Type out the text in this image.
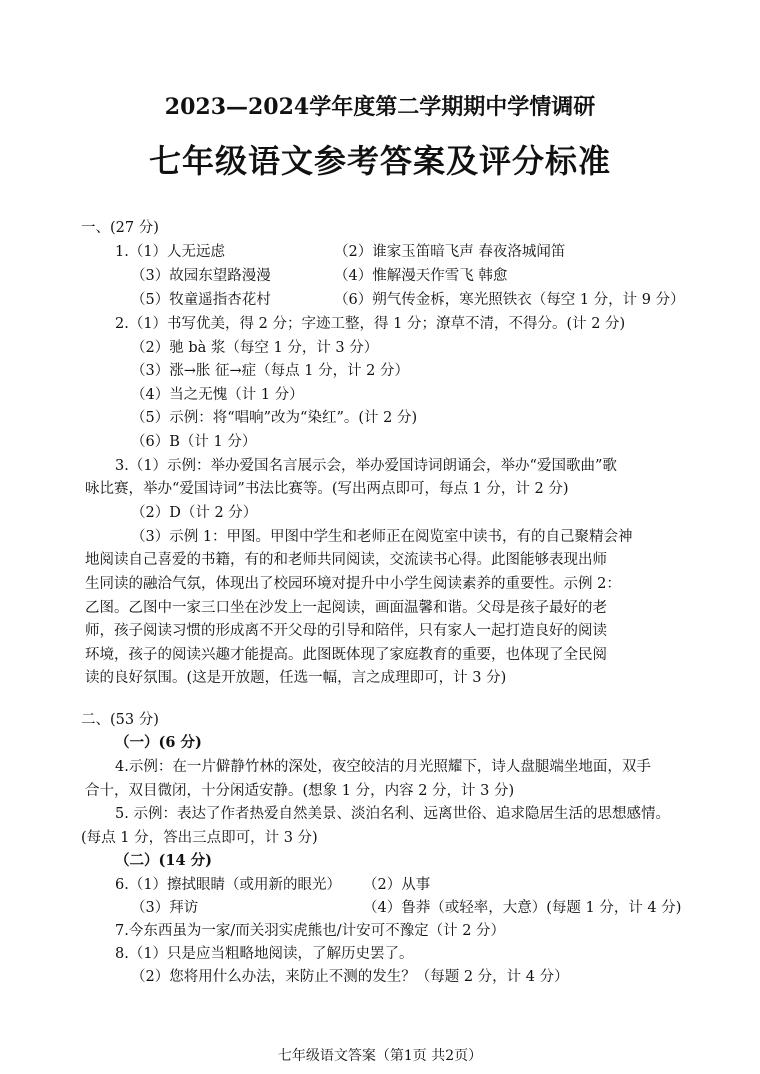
2023—2024学年度第二学期期中学情调研
七年级语文参考答案及评分标准
一、(27 分)
1.（1）人无远虑	（2）谁家玉笛暗飞声 春夜洛城闻笛
（3）故园东望路漫漫	（4）惟解漫天作雪飞 韩愈
（5）牧童遥指杏花村	（6）朔气传金柝，寒光照铁衣（每空 1 分，计 9 分）
2.（1）书写优美，得 2 分；字迹工整，得 1 分；潦草不清，不得分。(计 2 分)
（2）驰 bà 浆（每空 1 分，计 3 分）
（3）涨→胀 征→症（每点 1 分，计 2 分）
（4）当之无愧（计 1 分）
（5）示例：将“唱响”改为“染红”。(计 2 分)
（6）B（计 1 分）
3.（1）示例：举办爱国名言展示会，举办爱国诗词朗诵会，举办“爱国歌曲”歌
咏比赛，举办“爱国诗词”书法比赛等。(写出两点即可，每点 1 分，计 2 分)
（2）D（计 2 分）
（3）示例 1：甲图。甲图中学生和老师正在阅览室中读书，有的自己聚精会神
地阅读自己喜爱的书籍，有的和老师共同阅读，交流读书心得。此图能够表现出师
生同读的融洽气氛，体现出了校园环境对提升中小学生阅读素养的重要性。示例 2：
乙图。乙图中一家三口坐在沙发上一起阅读，画面温馨和谐。父母是孩子最好的老
师，孩子阅读习惯的形成离不开父母的引导和陪伴，只有家人一起打造良好的阅读
环境，孩子的阅读兴趣才能提高。此图既体现了家庭教育的重要，也体现了全民阅
读的良好氛围。(这是开放题，任选一幅，言之成理即可，计 3 分)
二、(53 分)
（一）(6 分)
4.示例：在一片僻静竹林的深处，夜空皎洁的月光照耀下，诗人盘腿端坐地面，双手
合十，双目微闭，十分闲适安静。(想象 1 分，内容 2 分，计 3 分)
5. 示例：表达了作者热爱自然美景、淡泊名利、远离世俗、追求隐居生活的思想感情。
(每点 1 分，答出三点即可，计 3 分)
（二）(14 分)
6.（1）擦拭眼睛（或用新的眼光） （2）从事
（3）拜访	（4）鲁莽（或轻率，大意）(每题 1 分，计 4 分)
7.今东西虽为一家/而关羽实虎熊也/计安可不豫定（计 2 分）
8.（1）只是应当粗略地阅读，了解历史罢了。
（2）您将用什么办法，来防止不测的发生？（每题 2 分，计 4 分）
七年级语文答案（第1页 共2页）
